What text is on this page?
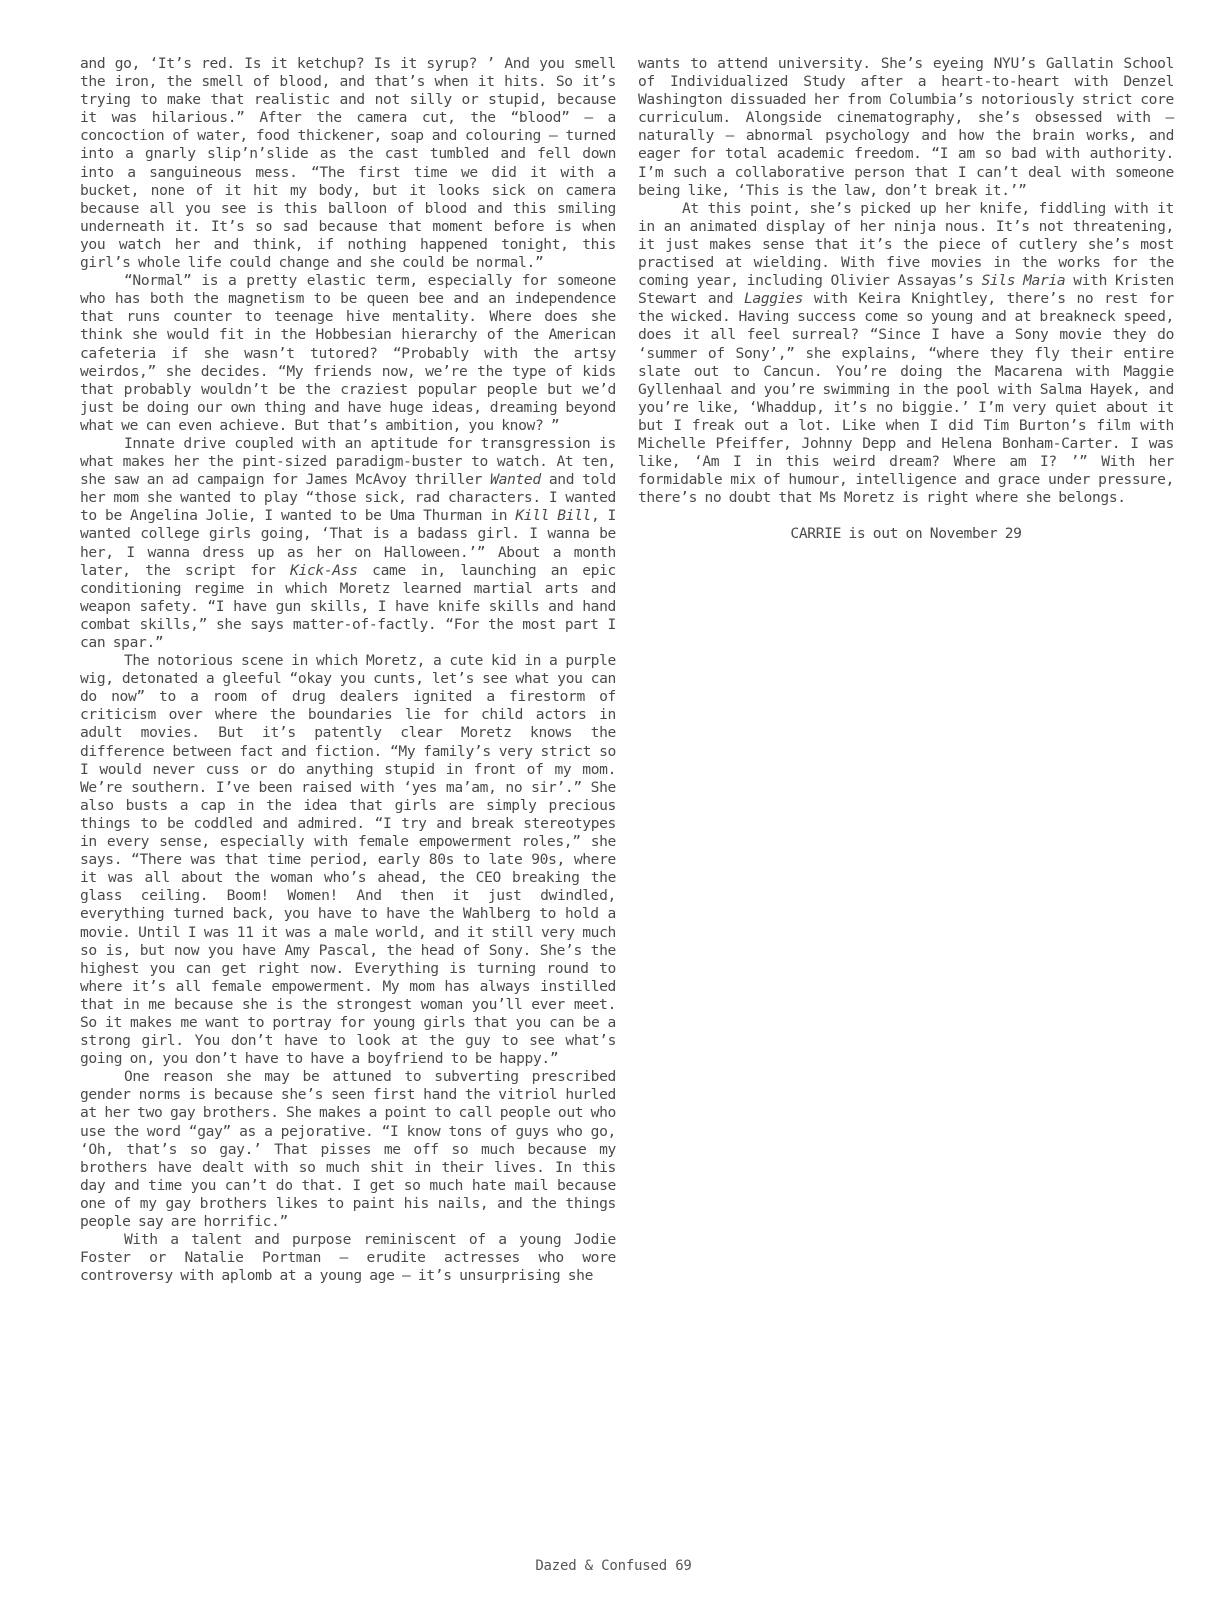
and go, ‘It’s red. Is it ketchup? Is it syrup? ’ And you smell the iron, the smell of blood, and that’s when it hits. So it’s trying to make that realistic and not silly or stupid, because it was hilarious.” After the camera cut, the “blood” – a concoction of water, food thickener, soap and colouring – turned into a gnarly slip’n’slide as the cast tumbled and fell down into a sanguineous mess. “The first time we did it with a bucket, none of it hit my body, but it looks sick on camera because all you see is this balloon of blood and this smiling underneath it. It’s so sad because that moment before is when you watch her and think, if nothing happened tonight, this girl’s whole life could change and she could be normal.”

“Normal” is a pretty elastic term, especially for someone who has both the magnetism to be queen bee and an independence that runs counter to teenage hive mentality. Where does she think she would fit in the Hobbesian hierarchy of the American cafeteria if she wasn’t tutored? “Probably with the artsy weirdos,” she decides. “My friends now, we’re the type of kids that probably wouldn’t be the craziest popular people but we’d just be doing our own thing and have huge ideas, dreaming beyond what we can even achieve. But that’s ambition, you know? ”

Innate drive coupled with an aptitude for transgression is what makes her the pint-sized paradigm-buster to watch. At ten, she saw an ad campaign for James McAvoy thriller Wanted and told her mom she wanted to play “those sick, rad characters. I wanted to be Angelina Jolie, I wanted to be Uma Thurman in Kill Bill, I wanted college girls going, ‘That is a badass girl. I wanna be her, I wanna dress up as her on Halloween.’” About a month later, the script for Kick-Ass came in, launching an epic conditioning regime in which Moretz learned martial arts and weapon safety. “I have gun skills, I have knife skills and hand combat skills,” she says matter-of-factly. “For the most part I can spar.”

The notorious scene in which Moretz, a cute kid in a purple wig, detonated a gleeful “okay you cunts, let’s see what you can do now” to a room of drug dealers ignited a firestorm of criticism over where the boundaries lie for child actors in adult movies. But it’s patently clear Moretz knows the difference between fact and fiction. “My family’s very strict so I would never cuss or do anything stupid in front of my mom. We’re southern. I’ve been raised with ‘yes ma’am, no sir’.” She also busts a cap in the idea that girls are simply precious things to be coddled and admired. “I try and break stereotypes in every sense, especially with female empowerment roles,” she says. “There was that time period, early 80s to late 90s, where it was all about the woman who’s ahead, the CEO breaking the glass ceiling. Boom! Women! And then it just dwindled, everything turned back, you have to have the Wahlberg to hold a movie. Until I was 11 it was a male world, and it still very much so is, but now you have Amy Pascal, the head of Sony. She’s the highest you can get right now. Everything is turning round to where it’s all female empowerment. My mom has always instilled that in me because she is the strongest woman you’ll ever meet. So it makes me want to portray for young girls that you can be a strong girl. You don’t have to look at the guy to see what’s going on, you don’t have to have a boyfriend to be happy.”

One reason she may be attuned to subverting prescribed gender norms is because she’s seen first hand the vitriol hurled at her two gay brothers. She makes a point to call people out who use the word “gay” as a pejorative. “I know tons of guys who go, ‘Oh, that’s so gay.’ That pisses me off so much because my brothers have dealt with so much shit in their lives. In this day and time you can’t do that. I get so much hate mail because one of my gay brothers likes to paint his nails, and the things people say are horrific.”

With a talent and purpose reminiscent of a young Jodie Foster or Natalie Portman – erudite actresses who wore controversy with aplomb at a young age – it’s unsurprising she

wants to attend university. She’s eyeing NYU’s Gallatin School of Individualized Study after a heart-to-heart with Denzel Washington dissuaded her from Columbia’s notoriously strict core curriculum. Alongside cinematography, she’s obsessed with – naturally – abnormal psychology and how the brain works, and eager for total academic freedom. “I am so bad with authority. I’m such a collaborative person that I can’t deal with someone being like, ‘This is the law, don’t break it.’”

At this point, she’s picked up her knife, fiddling with it in an animated display of her ninja nous. It’s not threatening, it just makes sense that it’s the piece of cutlery she’s most practised at wielding. With five movies in the works for the coming year, including Olivier Assayas’s Sils Maria with Kristen Stewart and Laggies with Keira Knightley, there’s no rest for the wicked. Having success come so young and at breakneck speed, does it all feel surreal? “Since I have a Sony movie they do ‘summer of Sony’,” she explains, “where they fly their entire slate out to Cancun. You’re doing the Macarena with Maggie Gyllenhaal and you’re swimming in the pool with Salma Hayek, and you’re like, ‘Whaddup, it’s no biggie.’ I’m very quiet about it but I freak out a lot. Like when I did Tim Burton’s film with Michelle Pfeiffer, Johnny Depp and Helena Bonham-Carter. I was like, ‘Am I in this weird dream? Where am I? ’” With her formidable mix of humour, intelligence and grace under pressure, there’s no doubt that Ms Moretz is right where she belongs.

CARRIE is out on November 29

Dazed & Confused 69
